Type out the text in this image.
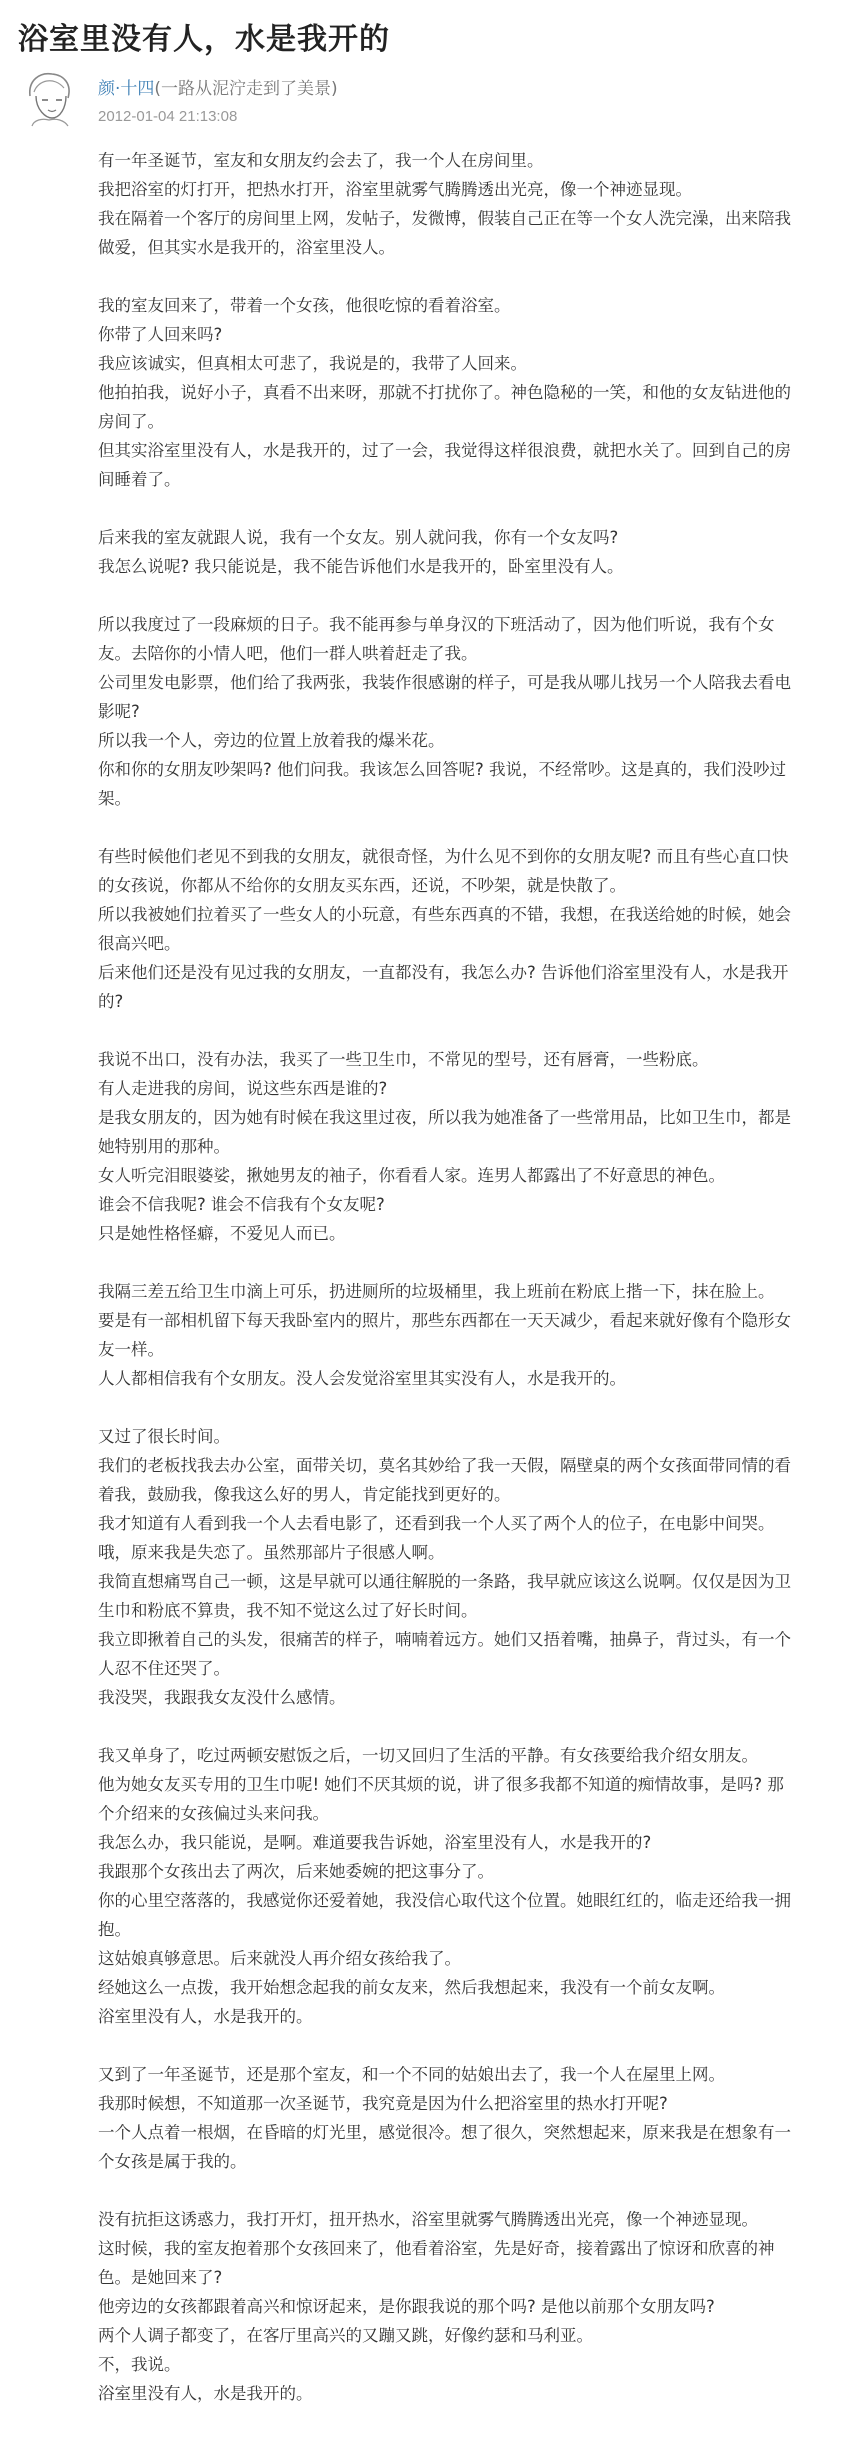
浴室里没有人，水是我开的
颜·十四(一路从泥泞走到了美景)
2012-01-04 21:13:08

有一年圣诞节，室友和女朋友约会去了，我一个人在房间里。

我把浴室的灯打开，把热水打开，浴室里就雾气腾腾透出光亮，像一个神迹显现。

我在隔着一个客厅的房间里上网，发帖子，发微博，假装自己正在等一个女人洗完澡，出来陪我做爱，但其实水是我开的，浴室里没人。

我的室友回来了，带着一个女孩，他很吃惊的看着浴室。

你带了人回来吗?

我应该诚实，但真相太可悲了，我说是的，我带了人回来。

他拍拍我，说好小子，真看不出来呀，那就不打扰你了。神色隐秘的一笑，和他的女友钻进他的房间了。

但其实浴室里没有人，水是我开的，过了一会，我觉得这样很浪费，就把水关了。回到自己的房间睡着了。

后来我的室友就跟人说，我有一个女友。别人就问我，你有一个女友吗?

我怎么说呢? 我只能说是，我不能告诉他们水是我开的，卧室里没有人。

所以我度过了一段麻烦的日子。我不能再参与单身汉的下班活动了，因为他们听说，我有个女友。去陪你的小情人吧，他们一群人哄着赶走了我。

公司里发电影票，他们给了我两张，我装作很感谢的样子，可是我从哪儿找另一个人陪我去看电影呢?

所以我一个人，旁边的位置上放着我的爆米花。

你和你的女朋友吵架吗? 他们问我。我该怎么回答呢? 我说，不经常吵。这是真的，我们没吵过架。

有些时候他们老见不到我的女朋友，就很奇怪，为什么见不到你的女朋友呢? 而且有些心直口快的女孩说，你都从不给你的女朋友买东西，还说，不吵架，就是快散了。

所以我被她们拉着买了一些女人的小玩意，有些东西真的不错，我想，在我送给她的时候，她会很高兴吧。

后来他们还是没有见过我的女朋友，一直都没有，我怎么办? 告诉他们浴室里没有人，水是我开的?

我说不出口，没有办法，我买了一些卫生巾，不常见的型号，还有唇膏，一些粉底。

有人走进我的房间，说这些东西是谁的?

是我女朋友的，因为她有时候在我这里过夜，所以我为她准备了一些常用品，比如卫生巾，都是她特别用的那种。

女人听完泪眼婆娑，揪她男友的袖子，你看看人家。连男人都露出了不好意思的神色。

谁会不信我呢? 谁会不信我有个女友呢?

只是她性格怪癖，不爱见人而已。

我隔三差五给卫生巾滴上可乐，扔进厕所的垃圾桶里，我上班前在粉底上揩一下，抹在脸上。

要是有一部相机留下每天我卧室内的照片，那些东西都在一天天减少，看起来就好像有个隐形女友一样。

人人都相信我有个女朋友。没人会发觉浴室里其实没有人，水是我开的。

又过了很长时间。

我们的老板找我去办公室，面带关切，莫名其妙给了我一天假，隔壁桌的两个女孩面带同情的看着我，鼓励我，像我这么好的男人，肯定能找到更好的。

我才知道有人看到我一个人去看电影了，还看到我一个人买了两个人的位子，在电影中间哭。

哦，原来我是失恋了。虽然那部片子很感人啊。

我简直想痛骂自己一顿，这是早就可以通往解脱的一条路，我早就应该这么说啊。仅仅是因为卫生巾和粉底不算贵，我不知不觉这么过了好长时间。

我立即揪着自己的头发，很痛苦的样子，喃喃着远方。她们又捂着嘴，抽鼻子，背过头，有一个人忍不住还哭了。

我没哭，我跟我女友没什么感情。

我又单身了，吃过两顿安慰饭之后，一切又回归了生活的平静。有女孩要给我介绍女朋友。

他为她女友买专用的卫生巾呢! 她们不厌其烦的说，讲了很多我都不知道的痴情故事，是吗? 那个介绍来的女孩偏过头来问我。

我怎么办，我只能说，是啊。难道要我告诉她，浴室里没有人，水是我开的?

我跟那个女孩出去了两次，后来她委婉的把这事分了。

你的心里空落落的，我感觉你还爱着她，我没信心取代这个位置。她眼红红的，临走还给我一拥抱。

这姑娘真够意思。后来就没人再介绍女孩给我了。

经她这么一点拨，我开始想念起我的前女友来，然后我想起来，我没有一个前女友啊。

浴室里没有人，水是我开的。

又到了一年圣诞节，还是那个室友，和一个不同的姑娘出去了，我一个人在屋里上网。

我那时候想，不知道那一次圣诞节，我究竟是因为什么把浴室里的热水打开呢?

一个人点着一根烟，在昏暗的灯光里，感觉很冷。想了很久，突然想起来，原来我是在想象有一个女孩是属于我的。

没有抗拒这诱惑力，我打开灯，扭开热水，浴室里就雾气腾腾透出光亮，像一个神迹显现。

这时候，我的室友抱着那个女孩回来了，他看着浴室，先是好奇，接着露出了惊讶和欣喜的神色。是她回来了?

他旁边的女孩都跟着高兴和惊讶起来，是你跟我说的那个吗? 是他以前那个女朋友吗?

两个人调子都变了，在客厅里高兴的又蹦又跳，好像约瑟和马利亚。

不，我说。

浴室里没有人，水是我开的。
